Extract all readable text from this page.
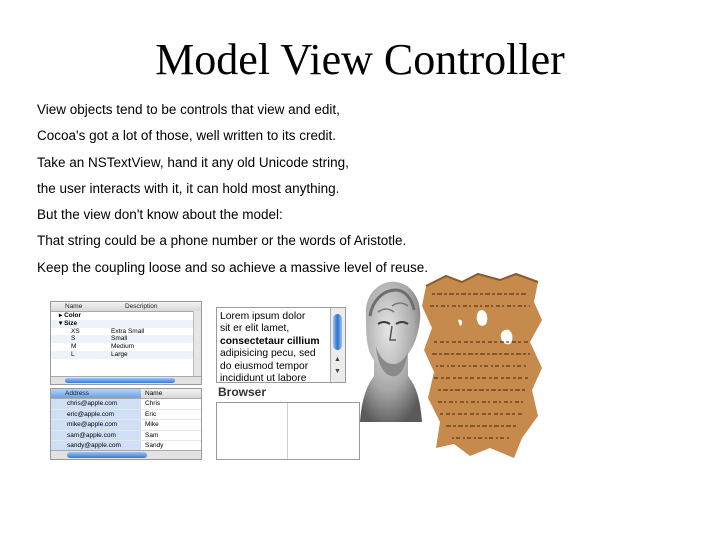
Model View Controller
View objects tend to be controls that view and edit,
Cocoa's got a lot of those, well written to its credit.
Take an NSTextView, hand it any old Unicode string,
the user interacts with it, it can hold most anything.
But the view don't know about the model:
That string could be a phone number or the words of Aristotle.
Keep the coupling loose and so achieve a massive level of reuse.
Name	Description
▸ Color
▾ Size
XS	Extra Small
S	Small
M	Medium
L	Large
Address	Name
chris@apple.com	Chris
eric@apple.com	Eric
mike@apple.com	Mike
sam@apple.com	Sam
sandy@apple.com	Sandy
Lorem ipsum dolor
sit er elit lamet,
consectetaur cillium
adipisicing pecu, sed
do eiusmod tempor
incididunt ut labore
▲
▼
Browser
